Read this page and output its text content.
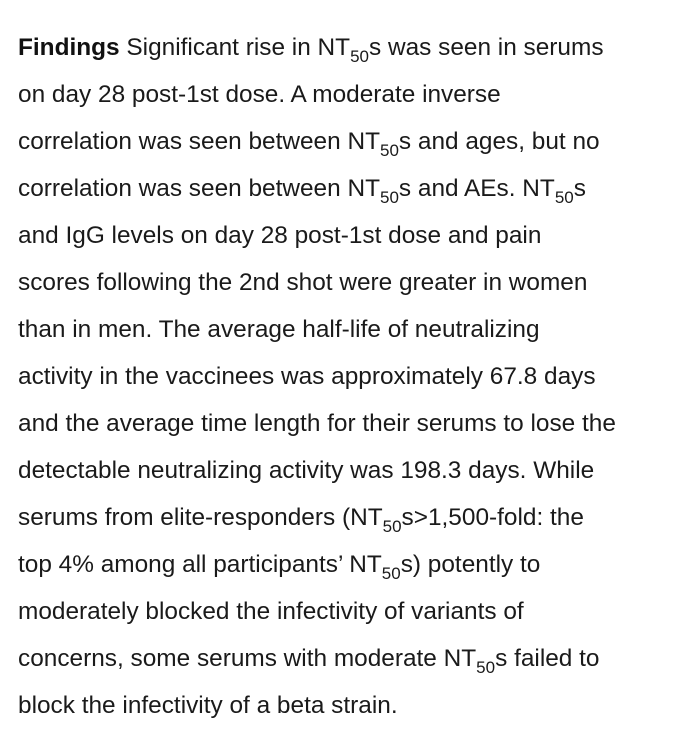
Findings Significant rise in $NT_{50}s$ was seen in serums
on day 28 post-1st dose. A moderate inverse
correlation was seen between $NT_{50}s$ and ages, but no
correlation was seen between $NT_{50}s$ and AEs. $NT_{50}s$
and IgG levels on day 28 post-1st dose and pain
scores following the 2nd shot were greater in women
than in men. The average half-life of neutralizing
activity in the vaccinees was approximately 67.8 days
and the average time length for their serums to lose the
detectable neutralizing activity was 198.3 days. While
serums from elite-responders ($NT_{50}s>1,500$-fold: the
top 4% among all participants’ $NT_{50}s$) potently to
moderately blocked the infectivity of variants of
concerns, some serums with moderate $NT_{50}s$ failed to
block the infectivity of a beta strain.
